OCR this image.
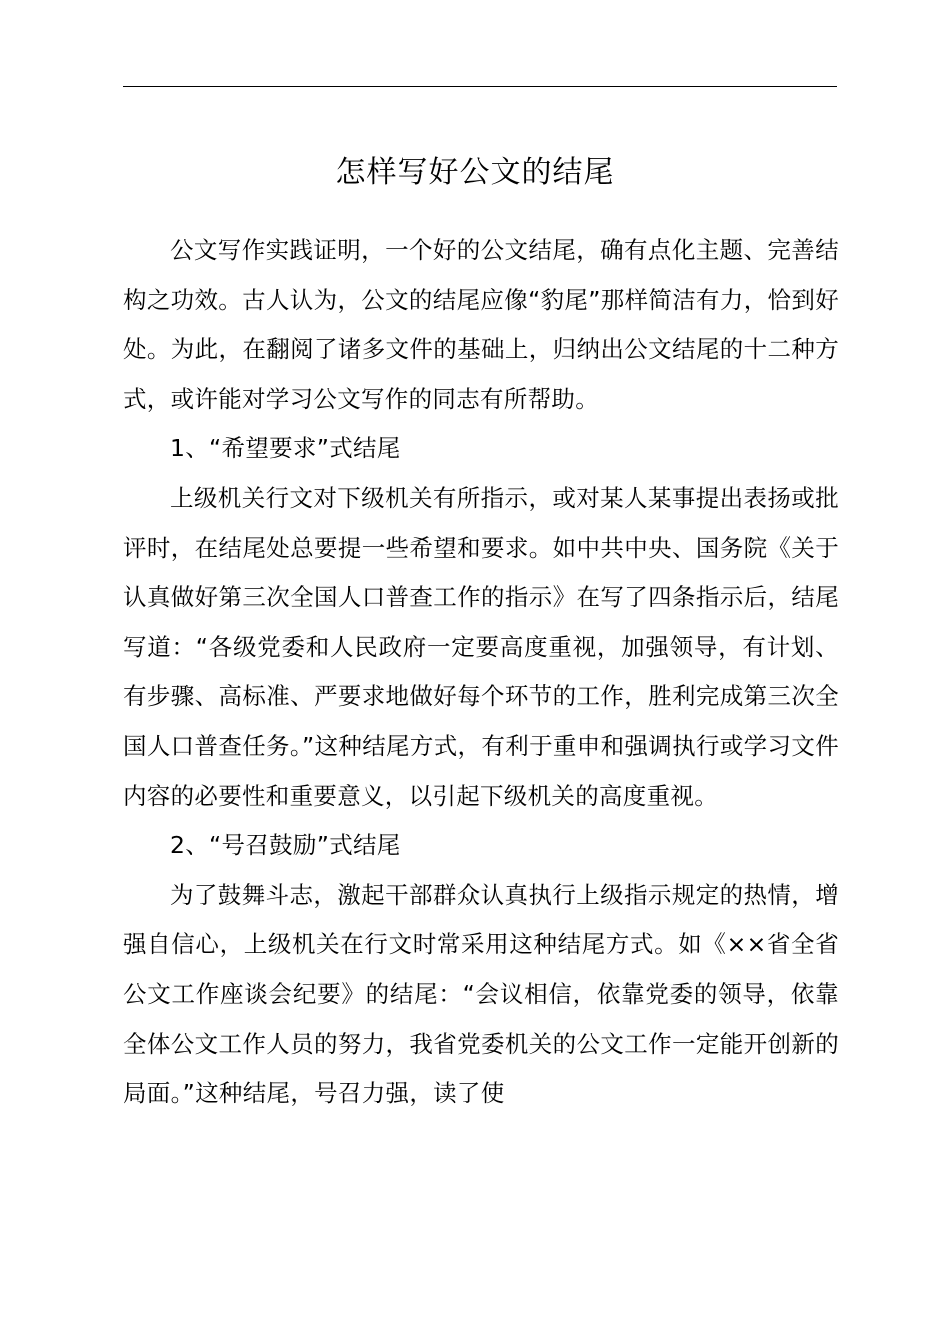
怎样写好公文的结尾

公文写作实践证明，一个好的公文结尾，确有点化主题、完善结构之功效。古人认为，公文的结尾应像“豹尾”那样简洁有力，恰到好处。为此，在翻阅了诸多文件的基础上，归纳出公文结尾的十二种方式，或许能对学习公文写作的同志有所帮助。

1、“希望要求”式结尾

上级机关行文对下级机关有所指示，或对某人某事提出表扬或批评时，在结尾处总要提一些希望和要求。如中共中央、国务院《关于认真做好第三次全国人口普查工作的指示》在写了四条指示后，结尾写道：“各级党委和人民政府一定要高度重视，加强领导，有计划、有步骤、高标准、严要求地做好每个环节的工作，胜利完成第三次全国人口普查任务。”这种结尾方式，有利于重申和强调执行或学习文件内容的必要性和重要意义，以引起下级机关的高度重视。

2、“号召鼓励”式结尾

为了鼓舞斗志，激起干部群众认真执行上级指示规定的热情，增强自信心，上级机关在行文时常采用这种结尾方式。如《××省全省公文工作座谈会纪要》的结尾：“会议相信，依靠党委的领导，依靠全体公文工作人员的努力，我省党委机关的公文工作一定能开创新的局面。”这种结尾，号召力强，读了使
